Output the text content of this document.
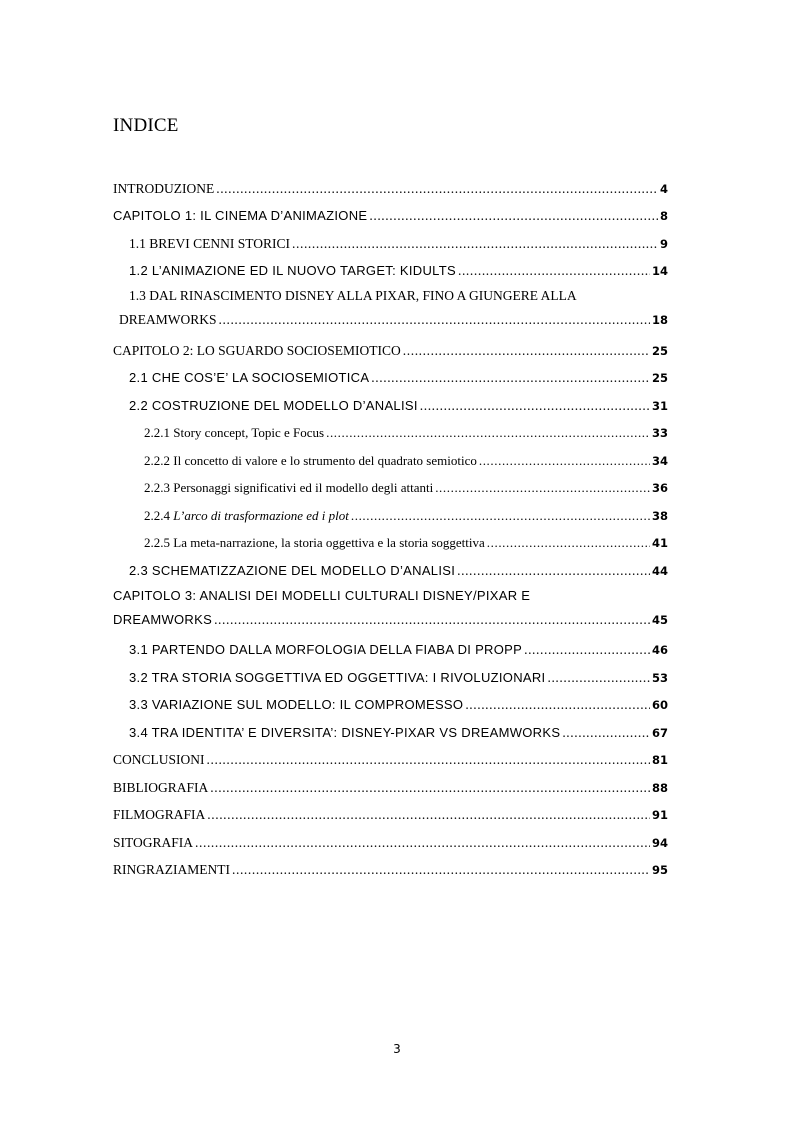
INDICE
INTRODUZIONE .....	4
CAPITOLO 1: IL CINEMA D’ANIMAZIONE .....	8
1.1 BREVI CENNI STORICI .....	9
1.2 L’ANIMAZIONE ED IL NUOVO TARGET: KIDULTS .....	14
1.3 DAL RINASCIMENTO DISNEY ALLA PIXAR, FINO A GIUNGERE ALLA
DREAMWORKS .....	18
CAPITOLO 2: LO SGUARDO SOCIOSEMIOTICO .....	25
2.1 CHE COS’E’ LA SOCIOSEMIOTICA .....	25
2.2 COSTRUZIONE DEL MODELLO D’ANALISI .....	31
2.2.1 Story concept, Topic e Focus .....	33
2.2.2 Il concetto di valore e lo strumento del quadrato semiotico .....	34
2.2.3 Personaggi significativi ed il modello degli attanti .....	36
2.2.4 L’arco di trasformazione ed i plot .....	38
2.2.5 La meta-narrazione, la storia oggettiva e la storia soggettiva .....	41
2.3 SCHEMATIZZAZIONE DEL MODELLO D’ANALISI .....	44
CAPITOLO 3: ANALISI DEI MODELLI CULTURALI DISNEY/PIXAR E
DREAMWORKS .....	45
3.1 PARTENDO DALLA MORFOLOGIA DELLA FIABA DI PROPP .....	46
3.2 TRA STORIA SOGGETTIVA ED OGGETTIVA: I RIVOLUZIONARI .....	53
3.3 VARIAZIONE SUL MODELLO: IL COMPROMESSO .....	60
3.4 TRA IDENTITA’ E DIVERSITA’: DISNEY-PIXAR VS DREAMWORKS .....	67
CONCLUSIONI .....	81
BIBLIOGRAFIA .....	88
FILMOGRAFIA .....	91
SITOGRAFIA .....	94
RINGRAZIAMENTI .....	95
3
